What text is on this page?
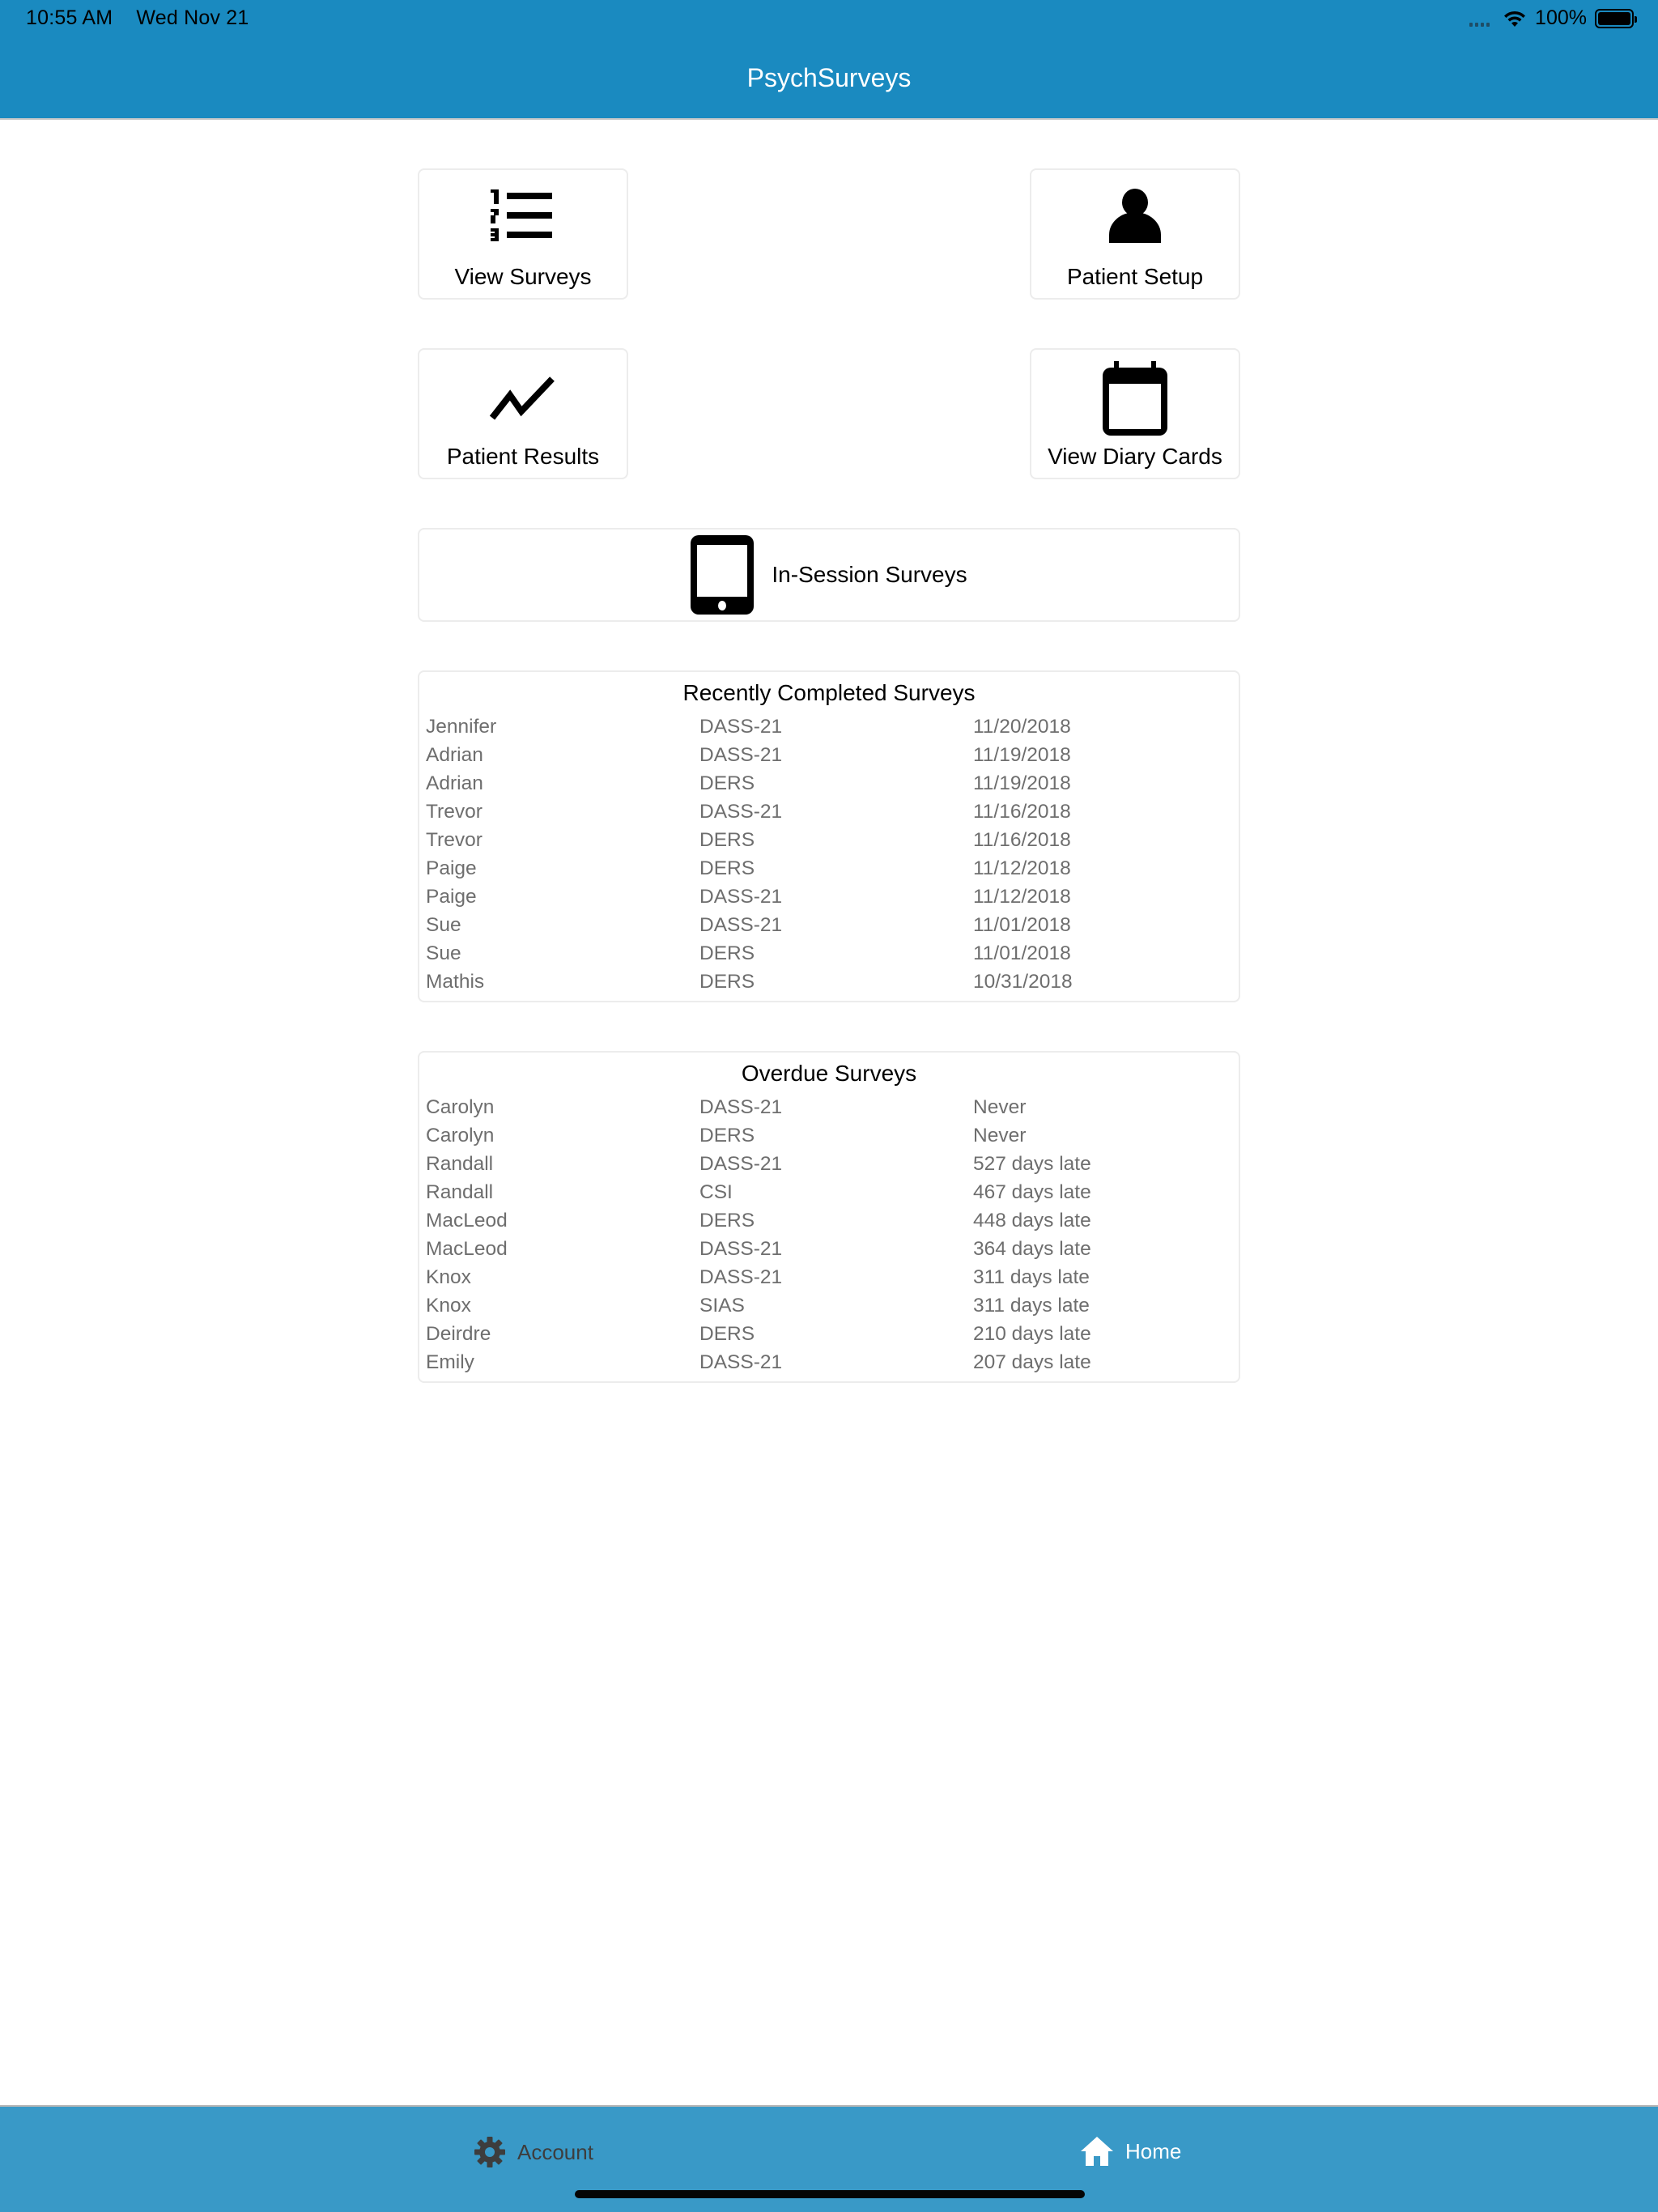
10:55 AM Wed Nov 21	100%
PsychSurveys
View Surveys	Patient Setup
Patient Results	View Diary Cards
In-Session Surveys
Recently Completed Surveys
Jennifer	DASS-21	11/20/2018
Adrian	DASS-21	11/19/2018
Adrian	DERS	11/19/2018
Trevor	DASS-21	11/16/2018
Trevor	DERS	11/16/2018
Paige	DERS	11/12/2018
Paige	DASS-21	11/12/2018
Sue	DASS-21	11/01/2018
Sue	DERS	11/01/2018
Mathis	DERS	10/31/2018
Overdue Surveys
Carolyn	DASS-21	Never
Carolyn	DERS	Never
Randall	DASS-21	527 days late
Randall	CSI	467 days late
MacLeod	DERS	448 days late
MacLeod	DASS-21	364 days late
Knox	DASS-21	311 days late
Knox	SIAS	311 days late
Deirdre	DERS	210 days late
Emily	DASS-21	207 days late
Account	Home
